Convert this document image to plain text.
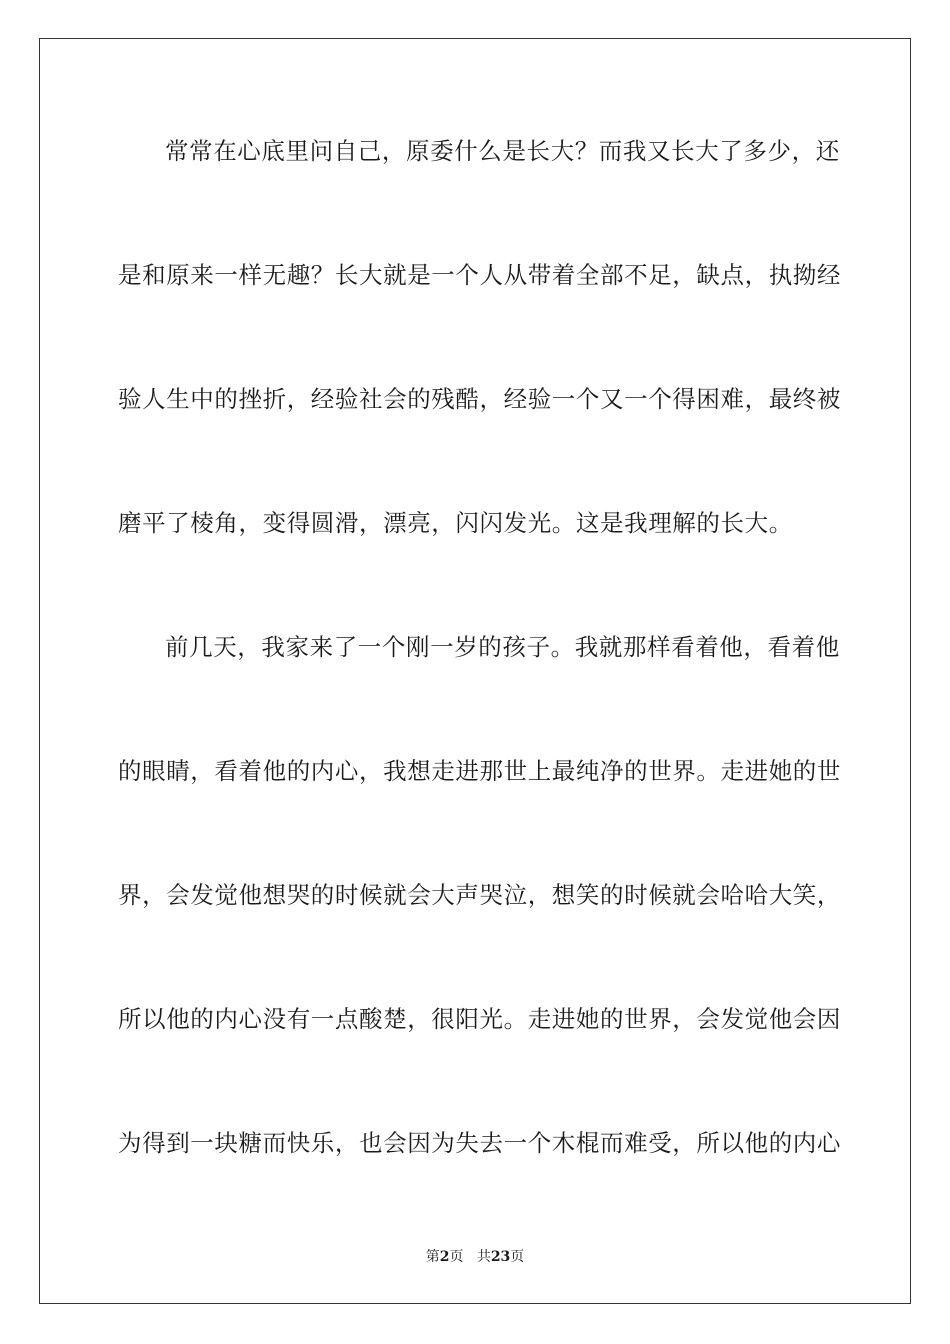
常常在心底里问自己，原委什么是长大？而我又长大了多少，还
是和原来一样无趣？长大就是一个人从带着全部不足，缺点，执拗经
验人生中的挫折，经验社会的残酷，经验一个又一个得困难，最终被
磨平了棱角，变得圆滑，漂亮，闪闪发光。这是我理解的长大。
前几天，我家来了一个刚一岁的孩子。我就那样看着他，看着他
的眼睛，看着他的内心，我想走进那世上最纯净的世界。走进她的世
界，会发觉他想哭的时候就会大声哭泣，想笑的时候就会哈哈大笑，
所以他的内心没有一点酸楚，很阳光。走进她的世界，会发觉他会因
为得到一块糖而快乐，也会因为失去一个木棍而难受，所以他的内心
第2页 共23页
